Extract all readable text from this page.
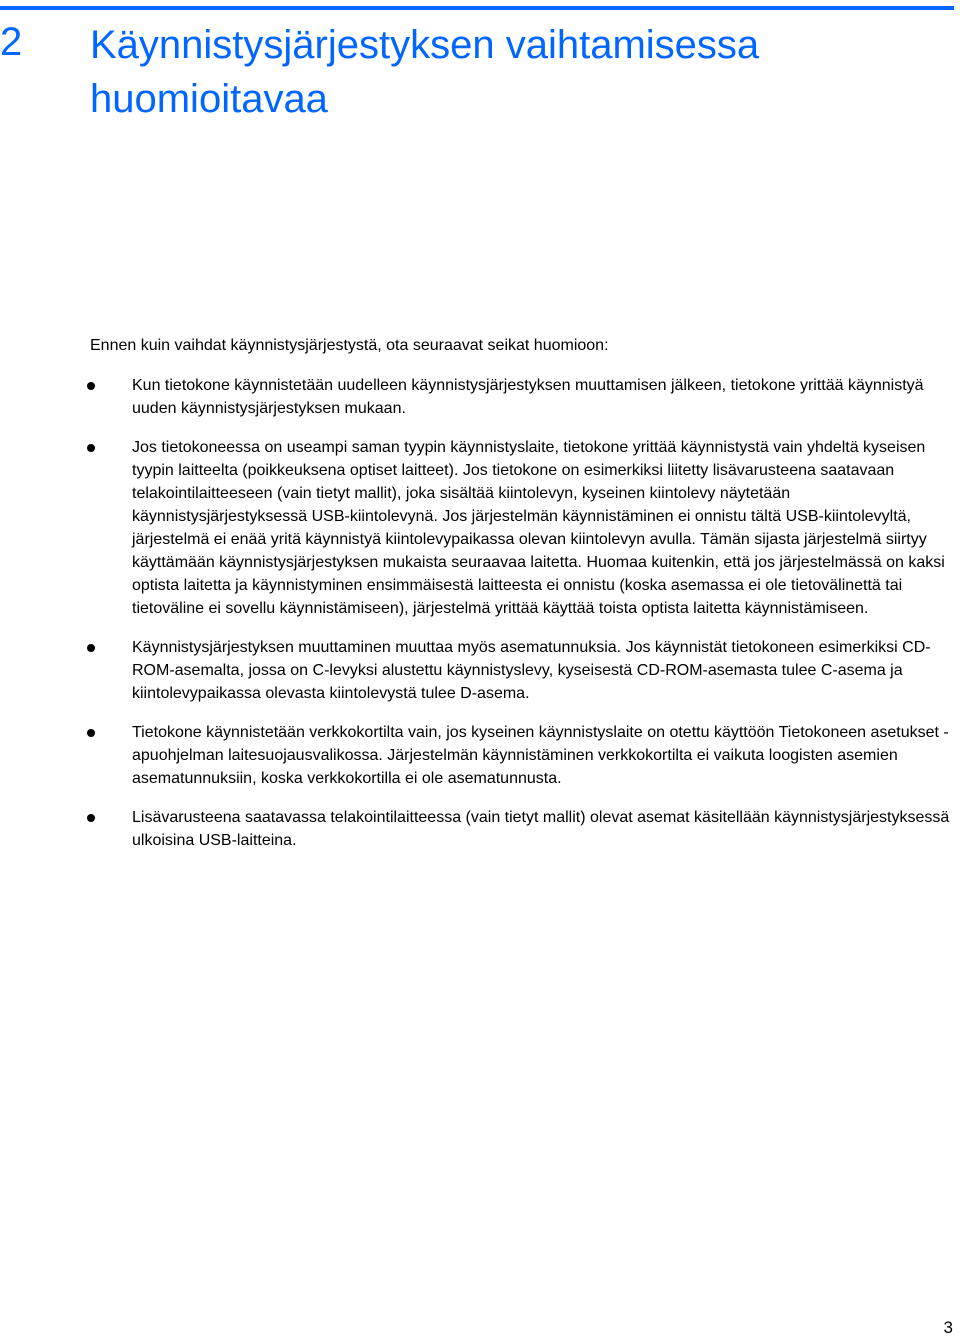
2 Käynnistysjärjestyksen vaihtamisessa huomioitavaa

Ennen kuin vaihdat käynnistysjärjestystä, ota seuraavat seikat huomioon:

Kun tietokone käynnistetään uudelleen käynnistysjärjestyksen muuttamisen jälkeen, tietokone yrittää käynnistyä uuden käynnistysjärjestyksen mukaan.
Jos tietokoneessa on useampi saman tyypin käynnistyslaite, tietokone yrittää käynnistystä vain yhdeltä kyseisen tyypin laitteelta (poikkeuksena optiset laitteet). Jos tietokone on esimerkiksi liitetty lisävarusteena saatavaan telakointilaitteeseen (vain tietyt mallit), joka sisältää kiintolevyn, kyseinen kiintolevy näytetään käynnistysjärjestyksessä USB-kiintolevynä. Jos järjestelmän käynnistäminen ei onnistu tältä USB-kiintolevyltä, järjestelmä ei enää yritä käynnistyä kiintolevypaikassa olevan kiintolevyn avulla. Tämän sijasta järjestelmä siirtyy käyttämään käynnistysjärjestyksen mukaista seuraavaa laitetta. Huomaa kuitenkin, että jos järjestelmässä on kaksi optista laitetta ja käynnistyminen ensimmäisestä laitteesta ei onnistu (koska asemassa ei ole tietovälinettä tai tietoväline ei sovellu käynnistämiseen), järjestelmä yrittää käyttää toista optista laitetta käynnistämiseen.
Käynnistysjärjestyksen muuttaminen muuttaa myös asematunnuksia. Jos käynnistät tietokoneen esimerkiksi CD-ROM-asemalta, jossa on C-levyksi alustettu käynnistyslevy, kyseisestä CD-ROM-asemasta tulee C-asema ja kiintolevypaikassa olevasta kiintolevystä tulee D-asema.
Tietokone käynnistetään verkkokortilta vain, jos kyseinen käynnistyslaite on otettu käyttöön Tietokoneen asetukset -apuohjelman laitesuojausvalikossa. Järjestelmän käynnistäminen verkkokortilta ei vaikuta loogisten asemien asematunnuksiin, koska verkkokortilla ei ole asematunnusta.
Lisävarusteena saatavassa telakointilaitteessa (vain tietyt mallit) olevat asemat käsitellään käynnistysjärjestyksessä ulkoisina USB-laitteina.
3
